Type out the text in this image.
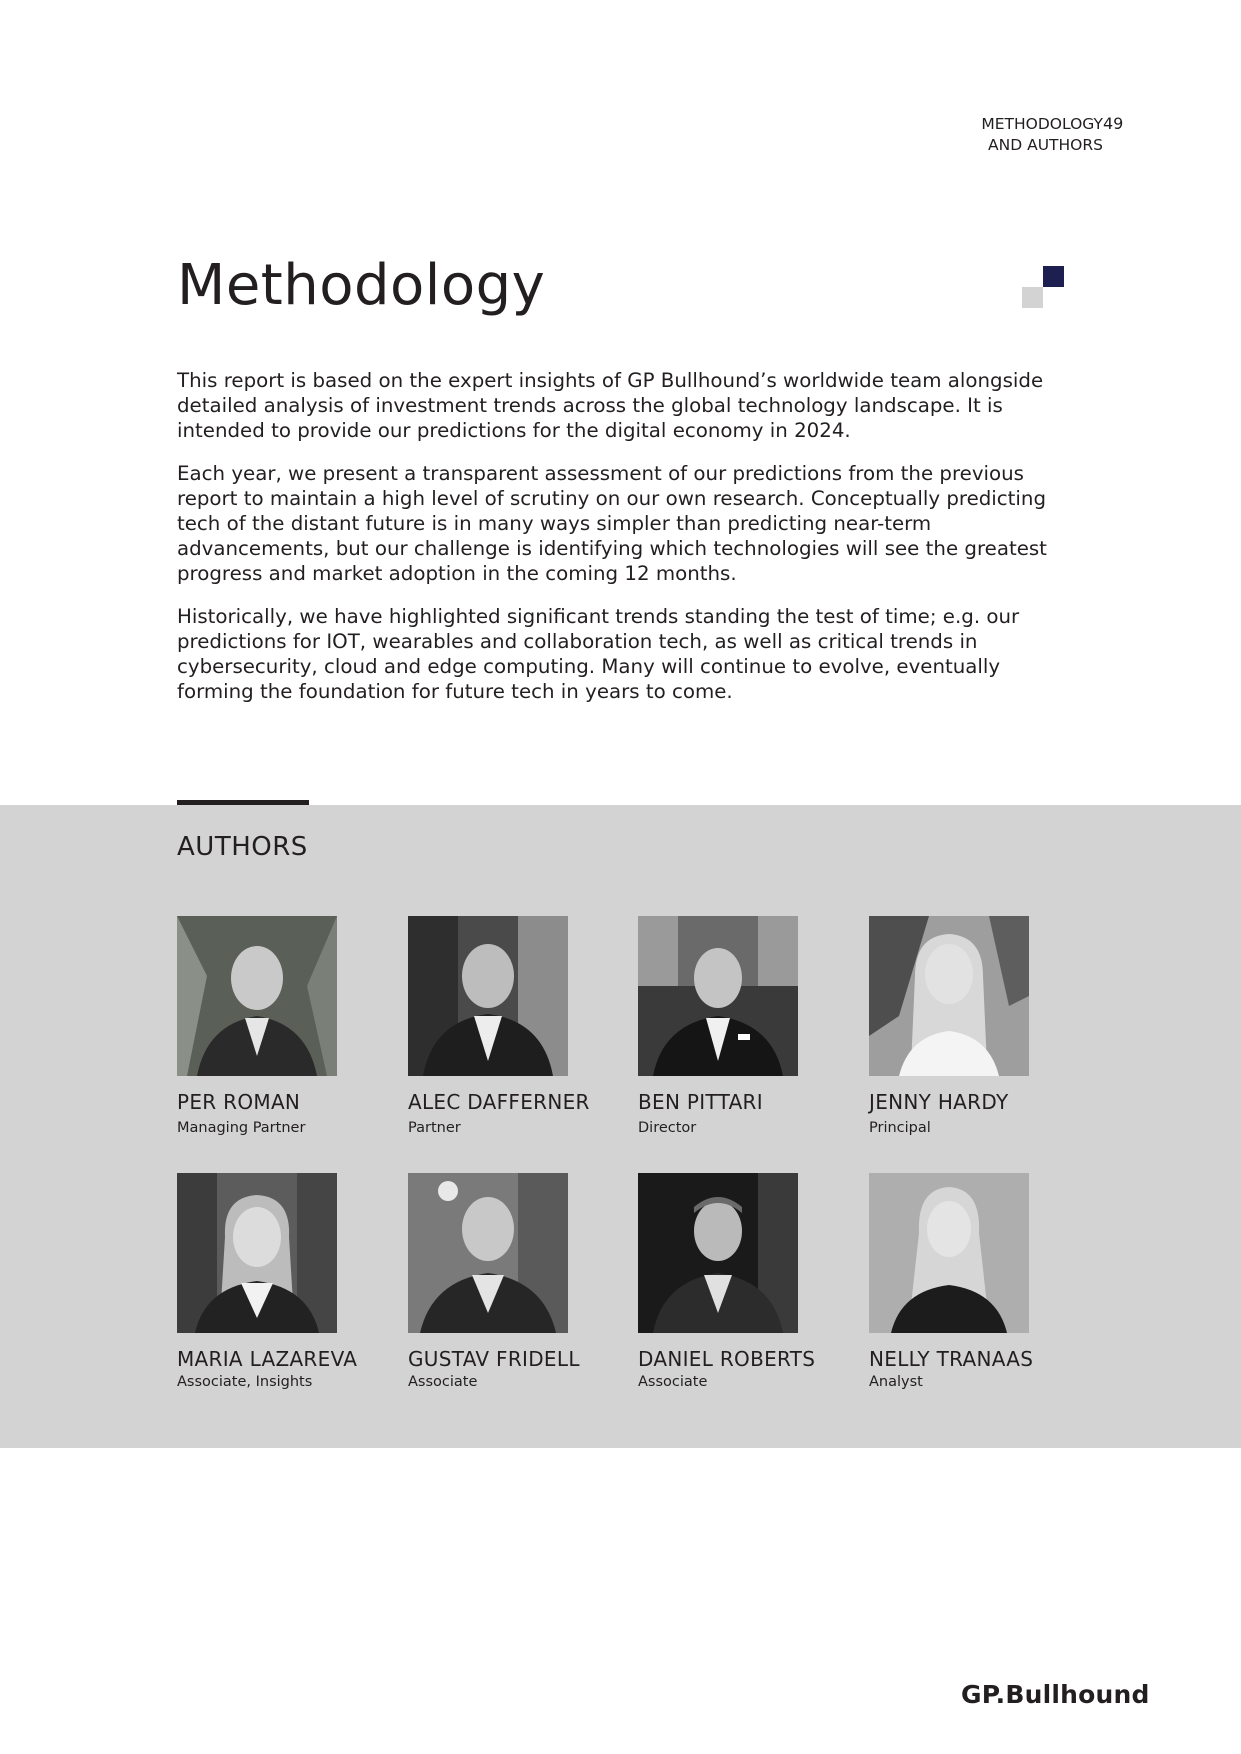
METHODOLOGY
AND AUTHORS
49
Methodology

This report is based on the expert insights of GP Bullhound’s worldwide team alongside detailed analysis of investment trends across the global technology landscape. It is intended to provide our predictions for the digital economy in 2024.

Each year, we present a transparent assessment of our predictions from the previous report to maintain a high level of scrutiny on our own research. Conceptually predicting tech of the distant future is in many ways simpler than predicting near-term advancements, but our challenge is identifying which technologies will see the greatest progress and market adoption in the coming 12 months.

Historically, we have highlighted significant trends standing the test of time; e.g. our predictions for IOT, wearables and collaboration tech, as well as critical trends in cybersecurity, cloud and edge computing. Many will continue to evolve, eventually forming the foundation for future tech in years to come.

AUTHORS
PER ROMAN
Managing Partner
ALEC DAFFERNER
Partner
BEN PITTARI
Director
JENNY HARDY
Principal
MARIA LAZAREVA
Associate, Insights
GUSTAV FRIDELL
Associate
DANIEL ROBERTS
Associate
NELLY TRANAAS
Analyst
GP.Bullhound
